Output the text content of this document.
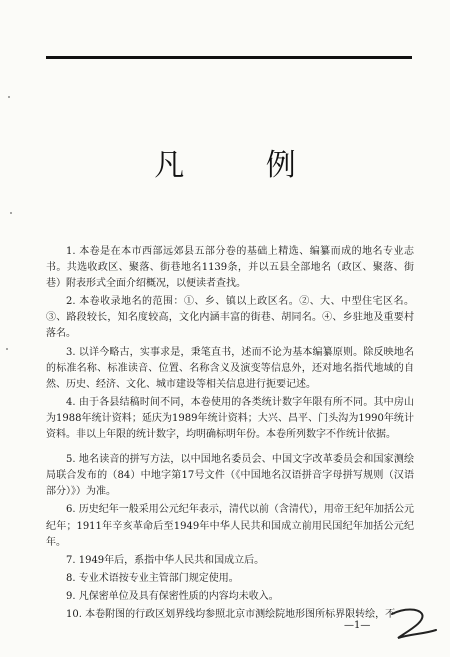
凡 例

1. 本卷是在本市西部远郊县五部分卷的基础上精选、编纂而成的地名专业志书。共选收政区、聚落、街巷地名1139条，并以五县全部地名（政区、聚落、街巷）附表形式全面介绍概况，以便读者查找。

2. 本卷收录地名的范围：①、乡、镇以上政区名。②、大、中型住宅区名。③、路段较长，知名度较高，文化内涵丰富的街巷、胡同名。④、乡驻地及重要村落名。

3. 以详今略古，实事求是，秉笔直书，述而不论为基本编纂原则。除反映地名的标准名称、标准读音、位置、名称含义及演变等信息外，还对地名指代地域的自然、历史、经济、文化、城市建设等相关信息进行扼要记述。

4. 由于各县结稿时间不同，本卷使用的各类统计数字年限有所不同。其中房山为1988年统计资料；延庆为1989年统计资料；大兴、昌平、门头沟为1990年统计资料。非以上年限的统计数字，均明确标明年份。本卷所列数字不作统计依据。

5. 地名读音的拼写方法，以中国地名委员会、中国文字改革委员会和国家测绘局联合发布的（84）中地字第17号文件（《中国地名汉语拼音字母拼写规则（汉语部分）》）为准。

6. 历史纪年一般采用公元纪年表示，清代以前（含清代），用帝王纪年加括公元纪年；1911年辛亥革命后至1949年中华人民共和国成立前用民国纪年加括公元纪年。

7. 1949年后，系指中华人民共和国成立后。

8. 专业术语按专业主管部门规定使用。

9. 凡保密单位及具有保密性质的内容均未收入。

10. 本卷附图的行政区划界线均参照北京市测绘院地形图所标界限转绘，不

—1—
